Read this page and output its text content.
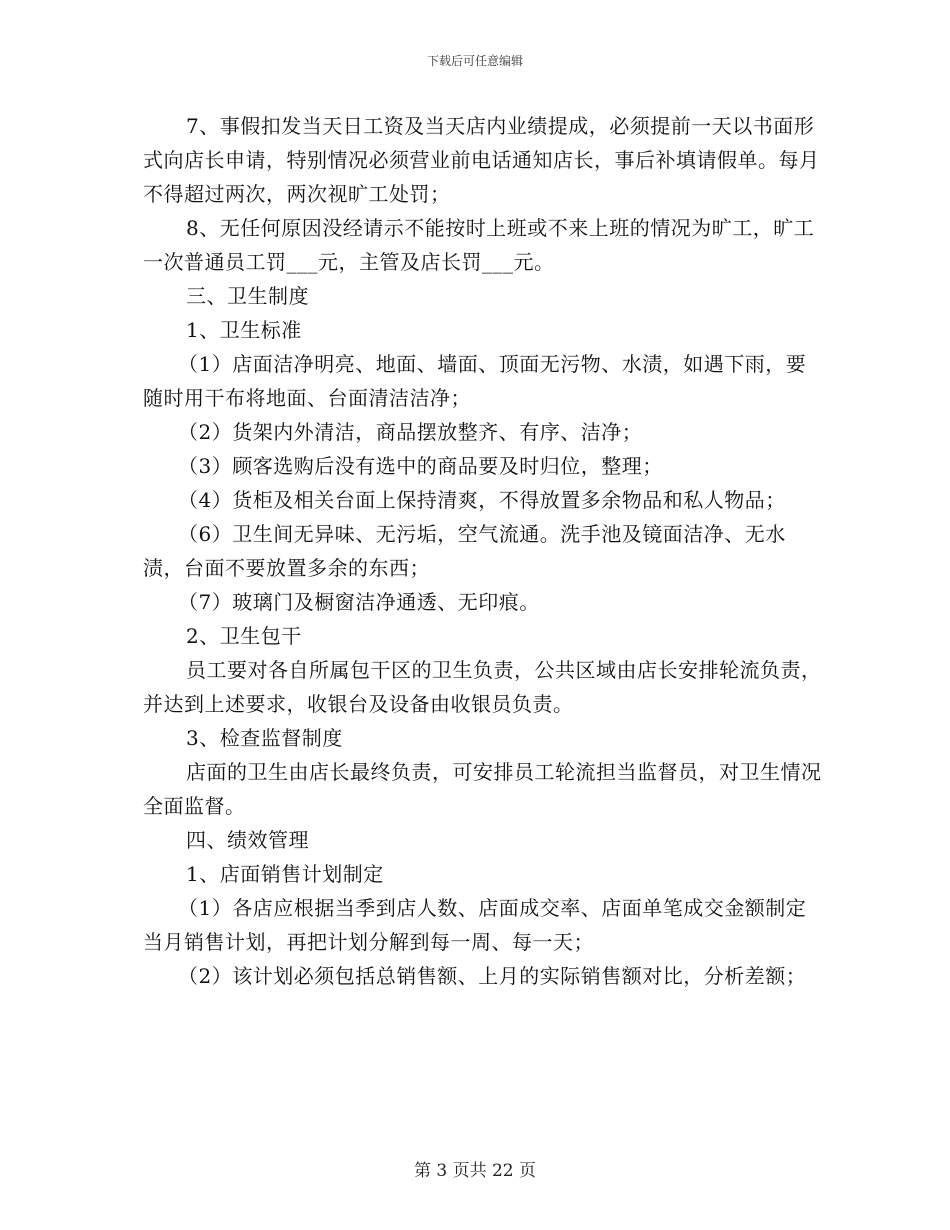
下载后可任意编辑

7、事假扣发当天日工资及当天店内业绩提成，必须提前一天以书面形式向店长申请，特别情况必须营业前电话通知店长，事后补填请假单。每月不得超过两次，两次视旷工处罚；

8、无任何原因没经请示不能按时上班或不来上班的情况为旷工，旷工一次普通员工罚___元，主管及店长罚___元。

三、卫生制度

1、卫生标准

（1）店面洁净明亮、地面、墙面、顶面无污物、水渍，如遇下雨，要随时用干布将地面、台面清洁洁净；

（2）货架内外清洁，商品摆放整齐、有序、洁净；

（3）顾客选购后没有选中的商品要及时归位，整理；

（4）货柜及相关台面上保持清爽，不得放置多余物品和私人物品；

（6）卫生间无异味、无污垢，空气流通。洗手池及镜面洁净、无水渍，台面不要放置多余的东西；

（7）玻璃门及橱窗洁净通透、无印痕。

2、卫生包干

员工要对各自所属包干区的卫生负责，公共区域由店长安排轮流负责，并达到上述要求，收银台及设备由收银员负责。

3、检查监督制度

店面的卫生由店长最终负责，可安排员工轮流担当监督员，对卫生情况全面监督。

四、绩效管理

1、店面销售计划制定

（1）各店应根据当季到店人数、店面成交率、店面单笔成交金额制定当月销售计划，再把计划分解到每一周、每一天；

（2）该计划必须包括总销售额、上月的实际销售额对比，分析差额；

第 3 页共 22 页
